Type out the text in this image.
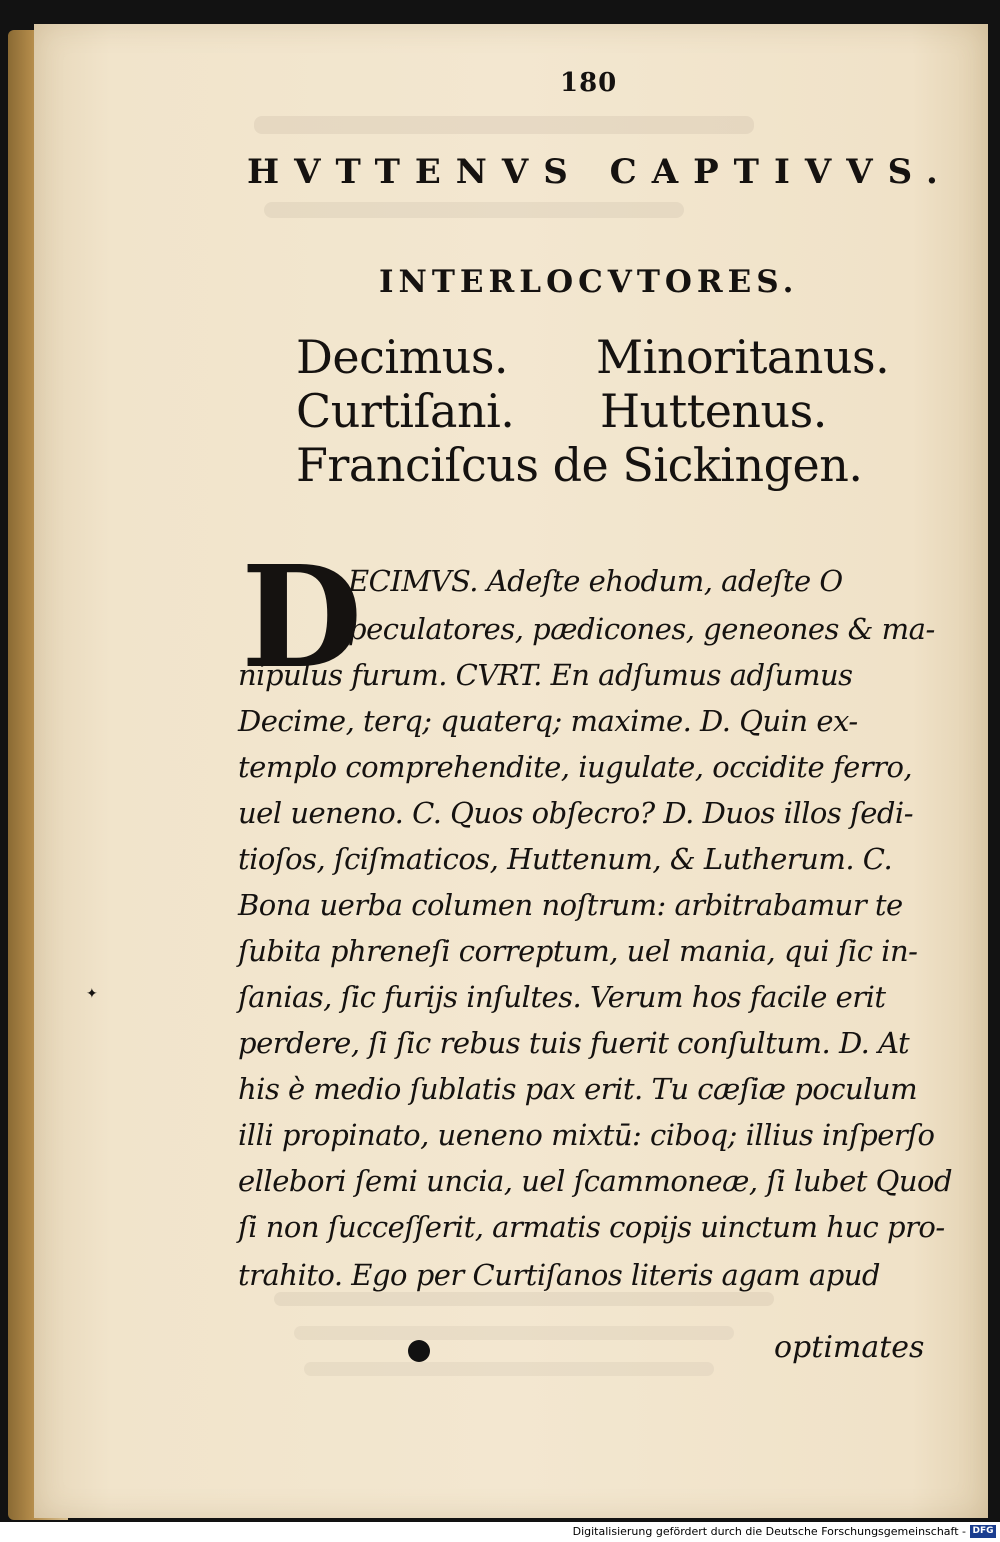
180
HVTTENVS CAPTIVVS.
INTERLOCVTORES.
Decimus. Minoritanus.
Curtiſani. Huttenus.
Franciſcus de Sickingen.
D
ECIMVS. Adeſte ehodum, adeſte O
peculatores, pædicones, geneones & ma-
nipulus furum. CVRT. En adſumus adſumus
Decime, terq; quaterq; maxime. D. Quin ex-
templo comprehendite, iugulate, occidite ferro,
uel ueneno. C. Quos obſecro? D. Duos illos ſedi-
tioſos, ſciſmaticos, Huttenum, & Lutherum. C.
Bona uerba columen noſtrum: arbitrabamur te
ſubita phreneſi correptum, uel mania, qui ſic in-
ſanias, ſic furijs inſultes. Verum hos facile erit
perdere, ſi ſic rebus tuis fuerit conſultum. D. At
his è medio ſublatis pax erit. Tu cæſiæ poculum
illi propinato, ueneno mixtū: ciboq; illius inſperſo
ellebori ſemi uncia, uel ſcammoneæ, ſi lubet Quod
ſi non ſucceſſerit, armatis copijs uinctum huc pro-
trahito. Ego per Curtiſanos literis agam apud
optimates
✦
Digitalisierung gefördert durch die Deutsche Forschungsgemeinschaft - DFG
